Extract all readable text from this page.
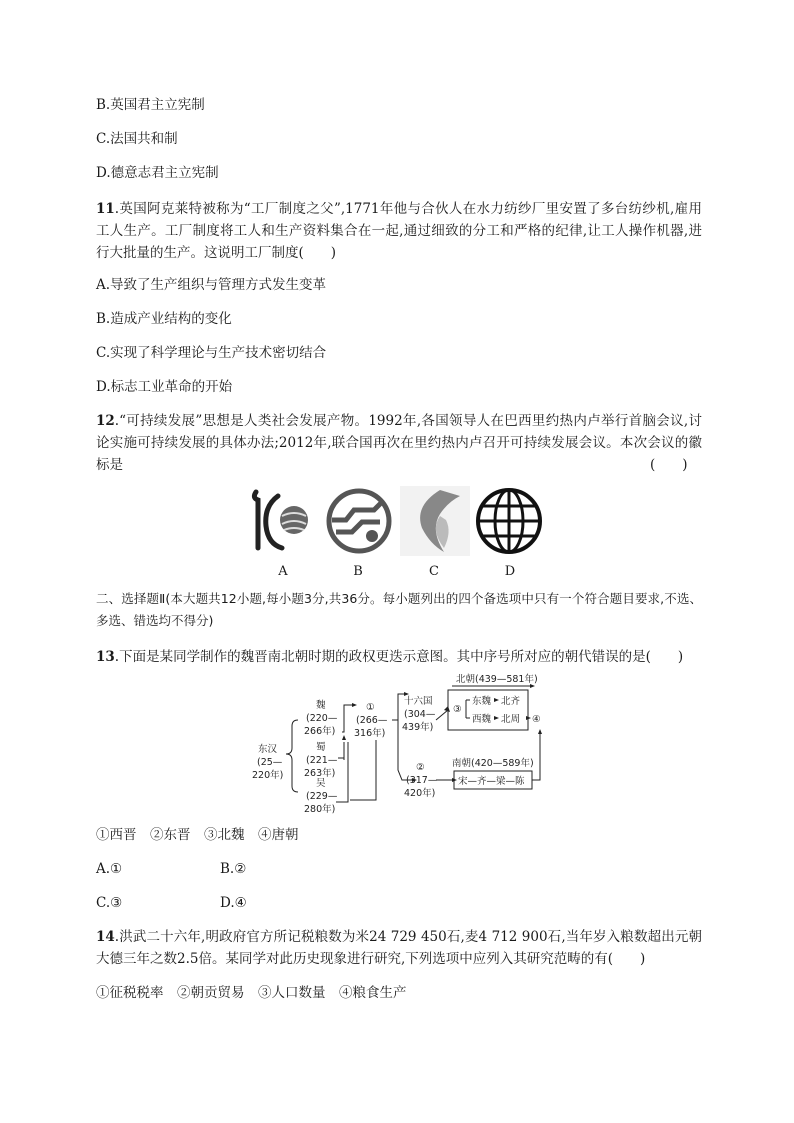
B.英国君主立宪制
C.法国共和制
D.德意志君主立宪制
11.英国阿克莱特被称为“工厂制度之父”,1771年他与合伙人在水力纺纱厂里安置了多台纺纱机,雇用工人生产。工厂制度将工人和生产资料集合在一起,通过细致的分工和严格的纪律,让工人操作机器,进行大批量的生产。这说明工厂制度(　　)
A.导致了生产组织与管理方式发生变革
B.造成产业结构的变化
C.实现了科学理论与生产技术密切结合
D.标志工业革命的开始
12.“可持续发展”思想是人类社会发展产物。1992年,各国领导人在巴西里约热内卢举行首脑会议,讨论实施可持续发展的具体办法;2012年,联合国再次在里约热内卢召开可持续发展会议。本次会议的徽标是	(　　)
A	B	C	D
二、选择题Ⅱ(本大题共12小题,每小题3分,共36分。每小题列出的四个备选项中只有一个符合题目要求,不选、多选、错选均不得分)
13.下面是某同学制作的魏晋南北朝时期的政权更迭示意图。其中序号所对应的朝代错误的是(　　)
东汉
(25—
220年)
魏
(220—
266年)
蜀
(221—
263年)
吴
(229—
280年)
①
(266—
316年)
十六国
(304—
439年)
②
(317—
420年)
北朝(439—581年)
③
东魏 北齐
西魏 北周 ④
南朝(420—589年)
宋—齐—梁—陈
①西晋　②东晋　③北魏　④唐朝
A.①	B.②
C.③	D.④
14.洪武二十六年,明政府官方所记税粮数为米24 729 450石,麦4 712 900石,当年岁入粮数超出元朝大德三年之数2.5倍。某同学对此历史现象进行研究,下列选项中应列入其研究范畴的有(　　)
①征税税率　②朝贡贸易　③人口数量　④粮食生产
